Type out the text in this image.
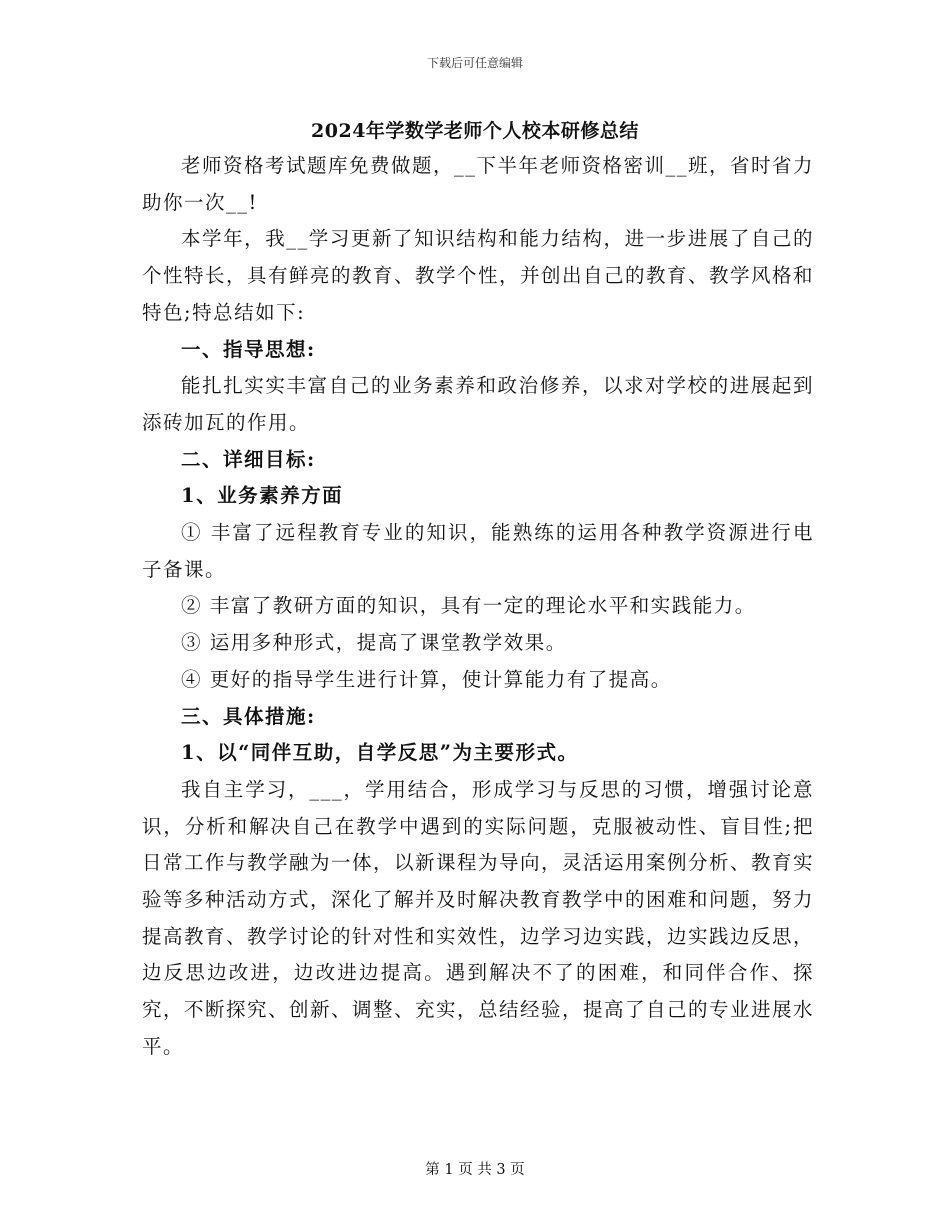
下载后可任意编辑
2024年学数学老师个人校本研修总结

老师资格考试题库免费做题，__下半年老师资格密训__班，省时省力助你一次__!

本学年，我__学习更新了知识结构和能力结构，进一步进展了自己的个性特长，具有鲜亮的教育、教学个性，并创出自己的教育、教学风格和特色;特总结如下:

一、指导思想:

能扎扎实实丰富自己的业务素养和政治修养，以求对学校的进展起到添砖加瓦的作用。

二、详细目标:

1、业务素养方面

① 丰富了远程教育专业的知识，能熟练的运用各种教学资源进行电子备课。

② 丰富了教研方面的知识，具有一定的理论水平和实践能力。

③ 运用多种形式，提高了课堂教学效果。

④ 更好的指导学生进行计算，使计算能力有了提高。

三、具体措施:

1、以“同伴互助，自学反思”为主要形式。

我自主学习，___，学用结合，形成学习与反思的习惯，增强讨论意识，分析和解决自己在教学中遇到的实际问题，克服被动性、盲目性;把日常工作与教学融为一体，以新课程为导向，灵活运用案例分析、教育实验等多种活动方式，深化了解并及时解决教育教学中的困难和问题，努力提高教育、教学讨论的针对性和实效性，边学习边实践，边实践边反思，边反思边改进，边改进边提高。遇到解决不了的困难，和同伴合作、探究，不断探究、创新、调整、充实，总结经验，提高了自己的专业进展水平。

第 1 页 共 3 页
